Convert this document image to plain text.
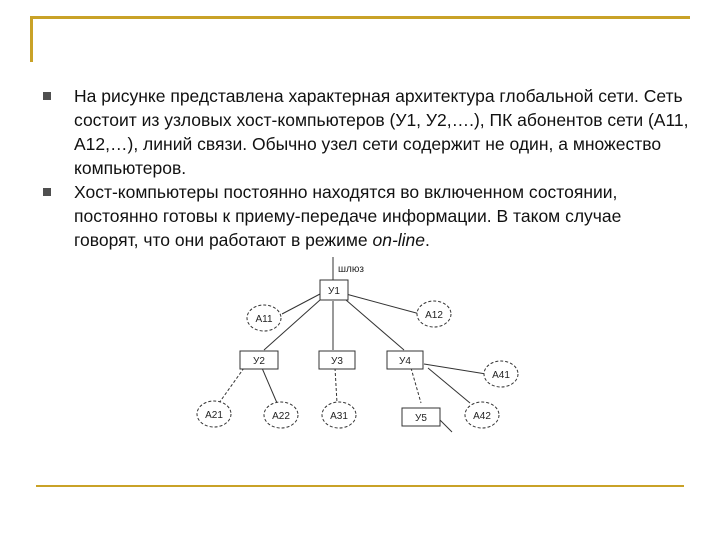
На рисунке представлена характерная архитектура глобальной сети. Сеть состоит из узловых хост-компьютеров (У1, У2,….), ПК абонентов сети (А11, А12,…), линий связи. Обычно узел сети содержит не один, а множество компьютеров.
Хост-компьютеры постоянно находятся во включенном состоянии, постоянно готовы к приему-передаче информации. В таком случае говорят, что они работают в режиме on-line.
шлюз
У1
У2	У3	У4
У5
А11	А12
А21	А22	А31
А41
А42
